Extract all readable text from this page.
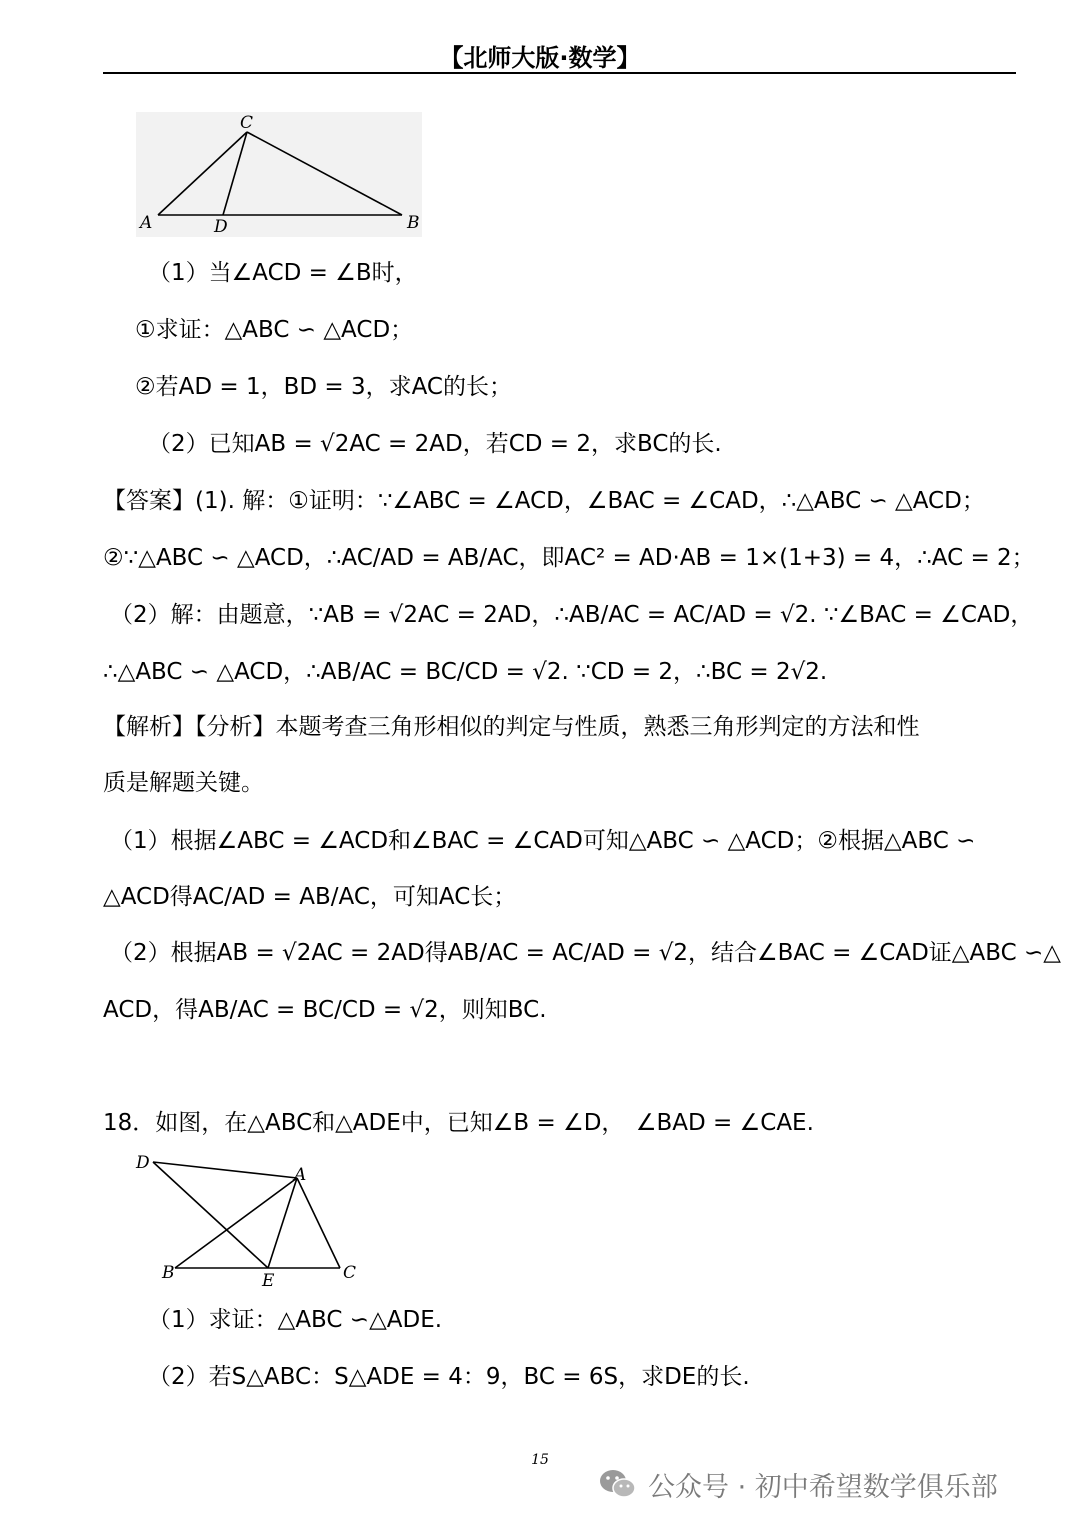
【北师大版·数学】
C
A	D	B
（1）当∠ACD = ∠B时，
①求证：△ABC ∽ △ACD；
②若AD = 1，BD = 3，求AC的长；
（2）已知AB = √2AC = 2AD，若CD = 2，求BC的长.
【答案】(1). 解：①证明：∵∠ABC = ∠ACD，∠BAC = ∠CAD，∴△ABC ∽ △ACD；
②∵△ABC ∽ △ACD，∴AC/AD = AB/AC，即AC² = AD·AB = 1×(1+3) = 4，∴AC = 2；
（2）解：由题意，∵AB = √2AC = 2AD，∴AB/AC = AC/AD = √2. ∵∠BAC = ∠CAD，
∴△ABC ∽ △ACD，∴AB/AC = BC/CD = √2. ∵CD = 2，∴BC = 2√2.
【解析】【分析】本题考查三角形相似的判定与性质，熟悉三角形判定的方法和性
质是解题关键。
（1）根据∠ABC = ∠ACD和∠BAC = ∠CAD可知△ABC ∽ △ACD；②根据△ABC ∽
△ACD得AC/AD = AB/AC，可知AC长；
（2）根据AB = √2AC = 2AD得AB/AC = AC/AD = √2，结合∠BAC = ∠CAD证△ABC ∽△
ACD，得AB/AC = BC/CD = √2，则知BC.
18．如图，在△ABC和△ADE中，已知∠B = ∠D，　∠BAD = ∠CAE.
D
A
B	E	C
（1）求证：△ABC ∽△ADE.
（2）若S△ABC：S△ADE = 4：9，BC = 6S，求DE的长.
15
公众号 · 初中希望数学俱乐部
